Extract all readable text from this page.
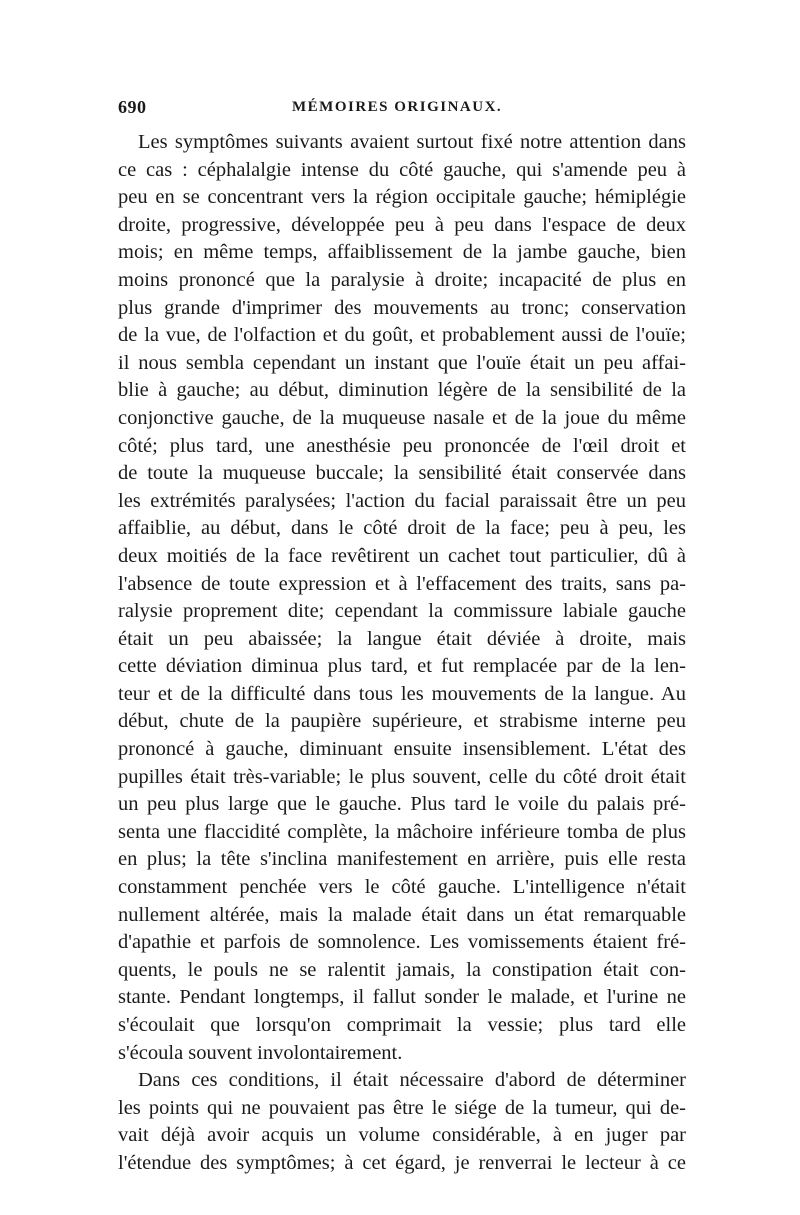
690	MÉMOIRES ORIGINAUX.
Les symptômes suivants avaient surtout fixé notre attention dans
ce cas : céphalalgie intense du côté gauche, qui s'amende peu à
peu en se concentrant vers la région occipitale gauche; hémiplégie
droite, progressive, développée peu à peu dans l'espace de deux
mois; en même temps, affaiblissement de la jambe gauche, bien
moins prononcé que la paralysie à droite; incapacité de plus en
plus grande d'imprimer des mouvements au tronc; conservation
de la vue, de l'olfaction et du goût, et probablement aussi de l'ouïe;
il nous sembla cependant un instant que l'ouïe était un peu affai-
blie à gauche; au début, diminution légère de la sensibilité de la
conjonctive gauche, de la muqueuse nasale et de la joue du même
côté; plus tard, une anesthésie peu prononcée de l'œil droit et
de toute la muqueuse buccale; la sensibilité était conservée dans
les extrémités paralysées; l'action du facial paraissait être un peu
affaiblie, au début, dans le côté droit de la face; peu à peu, les
deux moitiés de la face revêtirent un cachet tout particulier, dû à
l'absence de toute expression et à l'effacement des traits, sans pa-
ralysie proprement dite; cependant la commissure labiale gauche
était un peu abaissée; la langue était déviée à droite, mais
cette déviation diminua plus tard, et fut remplacée par de la len-
teur et de la difficulté dans tous les mouvements de la langue. Au
début, chute de la paupière supérieure, et strabisme interne peu
prononcé à gauche, diminuant ensuite insensiblement. L'état des
pupilles était très-variable; le plus souvent, celle du côté droit était
un peu plus large que le gauche. Plus tard le voile du palais pré-
senta une flaccidité complète, la mâchoire inférieure tomba de plus
en plus; la tête s'inclina manifestement en arrière, puis elle resta
constamment penchée vers le côté gauche. L'intelligence n'était
nullement altérée, mais la malade était dans un état remarquable
d'apathie et parfois de somnolence. Les vomissements étaient fré-
quents, le pouls ne se ralentit jamais, la constipation était con-
stante. Pendant longtemps, il fallut sonder le malade, et l'urine ne
s'écoulait que lorsqu'on comprimait la vessie; plus tard elle
s'écoula souvent involontairement.
Dans ces conditions, il était nécessaire d'abord de déterminer
les points qui ne pouvaient pas être le siége de la tumeur, qui de-
vait déjà avoir acquis un volume considérable, à en juger par
l'étendue des symptômes; à cet égard, je renverrai le lecteur à ce
